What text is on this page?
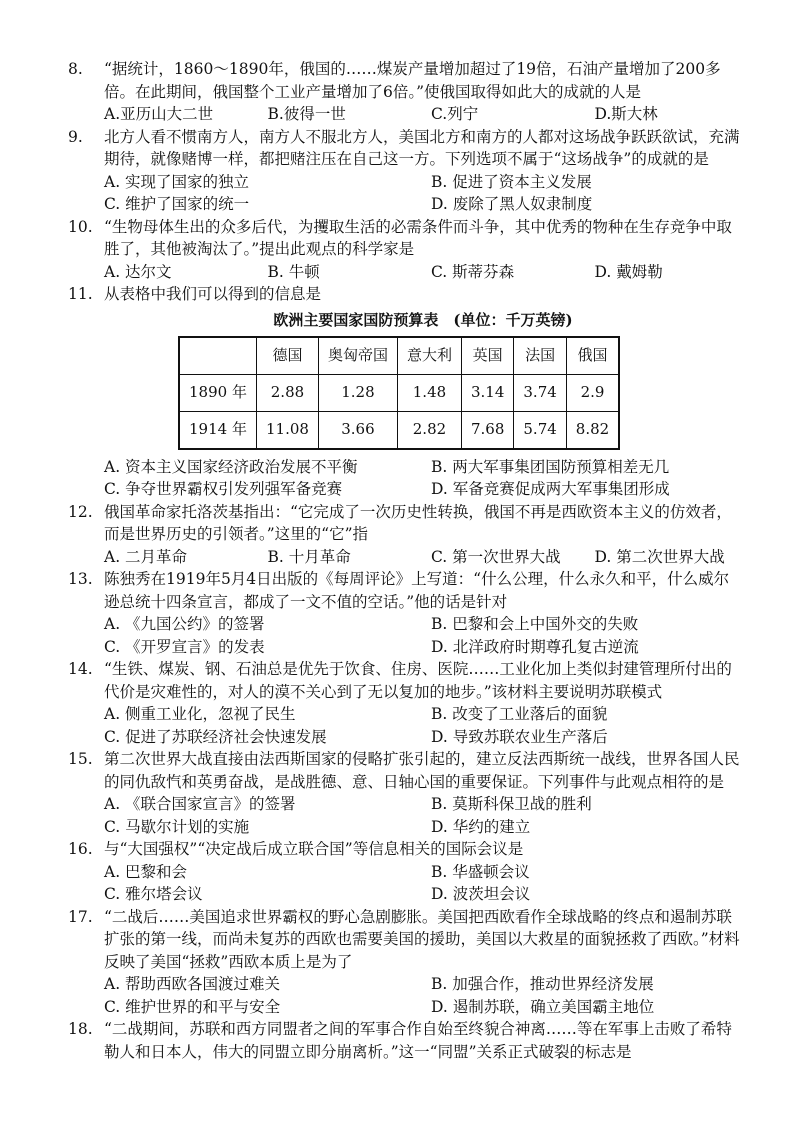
8.	“据统计，1860～1890年，俄国的……煤炭产量增加超过了19倍，石油产量增加了200多倍。在此期间，俄国整个工业产量增加了6倍。”使俄国取得如此大的成就的人是
A.亚历山大二世	B.彼得一世	C.列宁	D.斯大林
9.	北方人看不惯南方人，南方人不服北方人，美国北方和南方的人都对这场战争跃跃欲试，充满期待，就像赌博一样，都把赌注压在自己这一方。下列选项不属于“这场战争”的成就的是
A. 实现了国家的独立	B. 促进了资本主义发展
C. 维护了国家的统一	D. 废除了黑人奴隶制度
10. “生物母体生出的众多后代，为攫取生活的必需条件而斗争，其中优秀的物种在生存竞争中取胜了，其他被淘汰了。”提出此观点的科学家是
A. 达尔文	B. 牛顿	C. 斯蒂芬森	D. 戴姆勒
11. 从表格中我们可以得到的信息是
欧洲主要国家国防预算表　(单位：千万英镑)
	德国	奥匈帝国	意大利	英国	法国	俄国
1890 年	2.88	1.28	1.48	3.14	3.74	2.9
1914 年	11.08	3.66	2.82	7.68	5.74	8.82
A. 资本主义国家经济政治发展不平衡	B. 两大军事集团国防预算相差无几
C. 争夺世界霸权引发列强军备竞赛	D. 军备竞赛促成两大军事集团形成
12. 俄国革命家托洛茨基指出：“它完成了一次历史性转换，俄国不再是西欧资本主义的仿效者，而是世界历史的引领者。”这里的“它”指
A. 二月革命	B. 十月革命	C. 第一次世界大战	D. 第二次世界大战
13. 陈独秀在1919年5月4日出版的《每周评论》上写道：“什么公理，什么永久和平，什么威尔逊总统十四条宣言，都成了一文不值的空话。”他的话是针对
A. 《九国公约》的签署	B. 巴黎和会上中国外交的失败
C. 《开罗宣言》的发表	D. 北洋政府时期尊孔复古逆流
14. “生铁、煤炭、钢、石油总是优先于饮食、住房、医院……工业化加上类似封建管理所付出的代价是灾难性的，对人的漠不关心到了无以复加的地步。”该材料主要说明苏联模式
A. 侧重工业化，忽视了民生	B. 改变了工业落后的面貌
C. 促进了苏联经济社会快速发展	D. 导致苏联农业生产落后
15. 第二次世界大战直接由法西斯国家的侵略扩张引起的，建立反法西斯统一战线，世界各国人民的同仇敌忾和英勇奋战，是战胜德、意、日轴心国的重要保证。下列事件与此观点相符的是
A. 《联合国家宣言》的签署	B. 莫斯科保卫战的胜利
C. 马歇尔计划的实施	D. 华约的建立
16. 与“大国强权”“决定战后成立联合国”等信息相关的国际会议是
A. 巴黎和会	B. 华盛顿会议
C. 雅尔塔会议	D. 波茨坦会议
17. “二战后……美国追求世界霸权的野心急剧膨胀。美国把西欧看作全球战略的终点和遏制苏联扩张的第一线，而尚未复苏的西欧也需要美国的援助，美国以大救星的面貌拯救了西欧。”材料反映了美国“拯救”西欧本质上是为了
A. 帮助西欧各国渡过难关	B. 加强合作，推动世界经济发展
C. 维护世界的和平与安全	D. 遏制苏联，确立美国霸主地位
18. “二战期间，苏联和西方同盟者之间的军事合作自始至终貌合神离……等在军事上击败了希特勒人和日本人，伟大的同盟立即分崩离析。”这一“同盟”关系正式破裂的标志是
